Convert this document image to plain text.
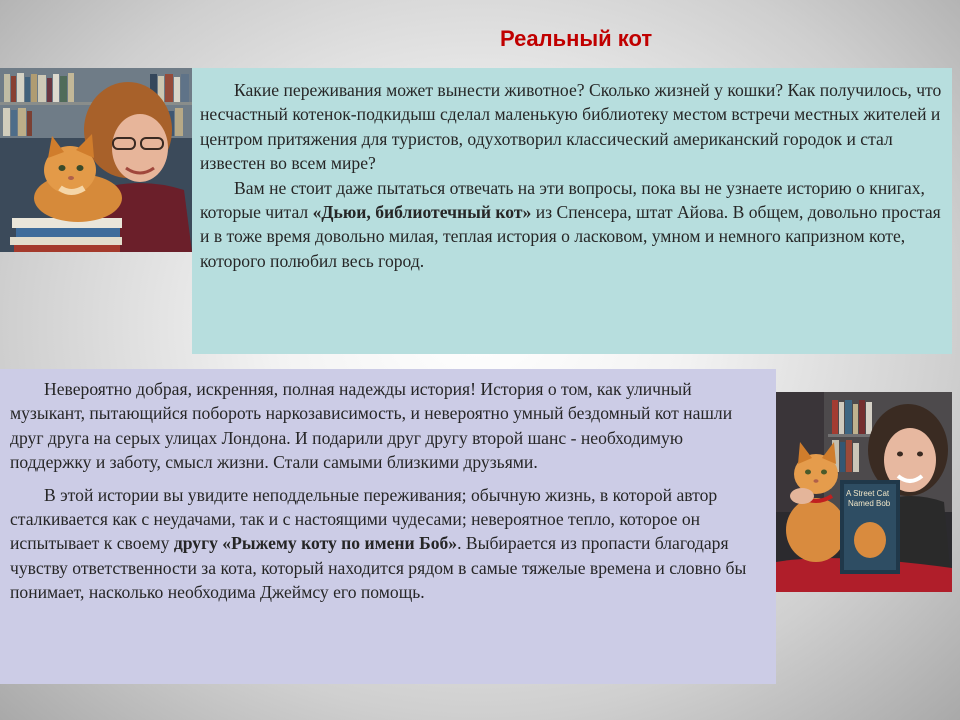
Реальный кот

Какие переживания может вынести животное? Сколько жизней у кошки? Как получилось, что несчастный котенок-подкидыш сделал маленькую библиотеку местом встречи местных жителей и центром притяжения для туристов, одухотворил классический американский городок и стал известен во всем мире?

Вам не стоит даже пытаться отвечать на эти вопросы, пока вы не узнаете историю о книгах, которые читал «Дьюи, библиотечный кот» из Спенсера, штат Айова. В общем, довольно простая и в тоже время довольно милая, теплая история о ласковом, умном и немного капризном коте, которого полюбил весь город.

Невероятно добрая, искренняя, полная надежды история! История о том, как уличный музыкант, пытающийся побороть наркозависимость, и невероятно умный бездомный кот нашли друг друга на серых улицах Лондона. И подарили друг другу второй шанс - необходимую поддержку и заботу, смысл жизни. Стали самыми близкими друзьями.

В этой истории вы увидите неподдельные переживания; обычную жизнь, в которой автор сталкивается как с неудачами, так и с настоящими чудесами; невероятное тепло, которое он испытывает к своему другу «Рыжему коту по имени Боб». Выбирается из пропасти благодаря чувству ответственности за кота, который находится рядом в самые тяжелые времена и словно бы понимает, насколько необходима Джеймсу его помощь.

A Street Cat
Named Bob
